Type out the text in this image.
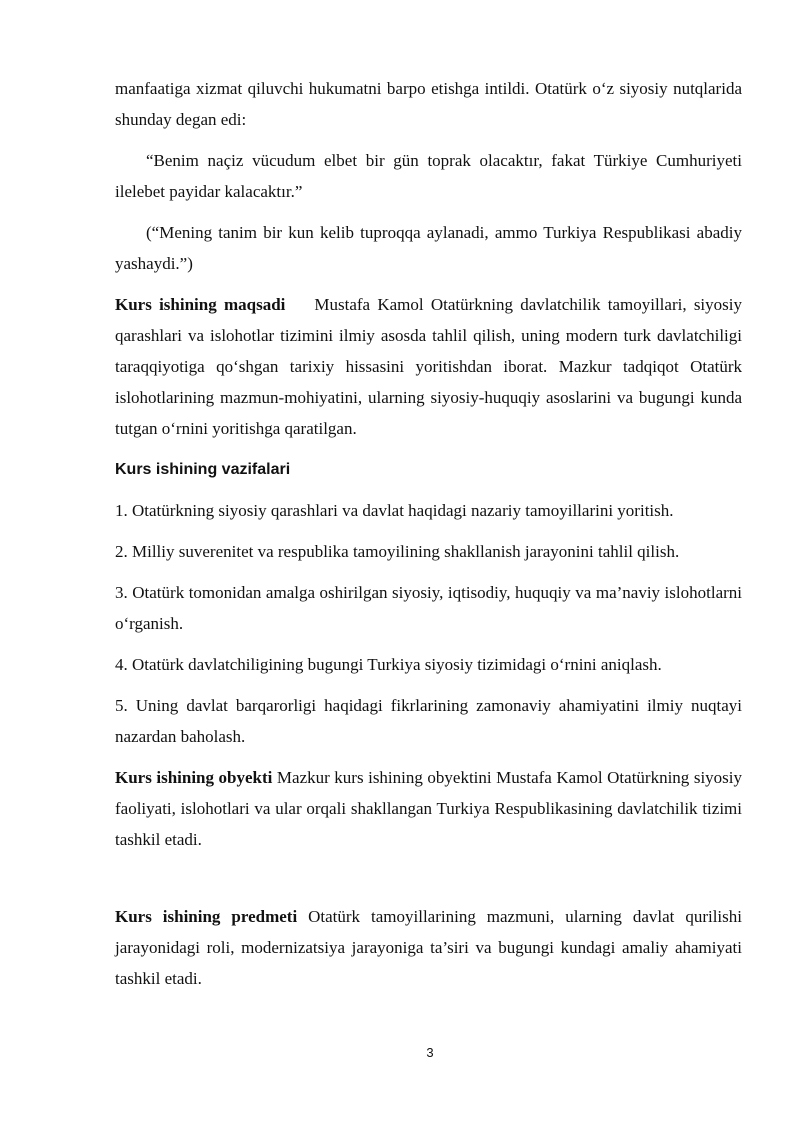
manfaatiga xizmat qiluvchi hukumatni barpo etishga intildi. Otatürk o‘z siyosiy nutqlarida shunday degan edi:

“Benim naçiz vücudum elbet bir gün toprak olacaktır, fakat Türkiye Cumhuriyeti ilelebet payidar kalacaktır.”

(“Mening tanim bir kun kelib tuproqqa aylanadi, ammo Turkiya Respublikasi abadiy yashaydi.”)

Kurs ishining maqsadi Mustafa Kamol Otatürkning davlatchilik tamoyillari, siyosiy qarashlari va islohotlar tizimini ilmiy asosda tahlil qilish, uning modern turk davlatchiligi taraqqiyotiga qo‘shgan tarixiy hissasini yoritishdan iborat. Mazkur tadqiqot Otatürk islohotlarining mazmun-mohiyatini, ularning siyosiy-huquqiy asoslarini va bugungi kunda tutgan o‘rnini yoritishga qaratilgan.

Kurs ishining vazifalari

1. Otatürkning siyosiy qarashlari va davlat haqidagi nazariy tamoyillarini yoritish.

2. Milliy suverenitet va respublika tamoyilining shakllanish jarayonini tahlil qilish.

3. Otatürk tomonidan amalga oshirilgan siyosiy, iqtisodiy, huquqiy va ma’naviy islohotlarni o‘rganish.

4. Otatürk davlatchiligining bugungi Turkiya siyosiy tizimidagi o‘rnini aniqlash.

5. Uning davlat barqarorligi haqidagi fikrlarining zamonaviy ahamiyatini ilmiy nuqtayi nazardan baholash.

Kurs ishining obyekti Mazkur kurs ishining obyektini Mustafa Kamol Otatürkning siyosiy faoliyati, islohotlari va ular orqali shakllangan Turkiya Respublikasining davlatchilik tizimi tashkil etadi.

Kurs ishining predmeti Otatürk tamoyillarining mazmuni, ularning davlat qurilishi jarayonidagi roli, modernizatsiya jarayoniga ta’siri va bugungi kundagi amaliy ahamiyati tashkil etadi.

3
